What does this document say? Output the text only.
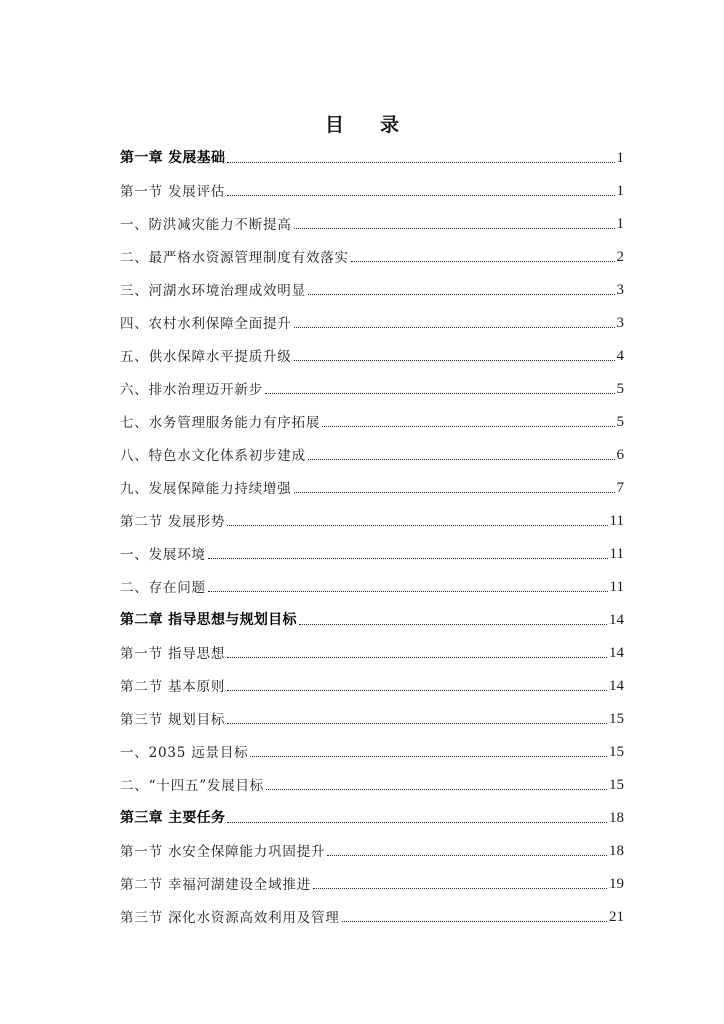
目 录
第一章 发展基础	1
第一节 发展评估	1
一、防洪减灾能力不断提高	1
二、最严格水资源管理制度有效落实	2
三、河湖水环境治理成效明显	3
四、农村水利保障全面提升	3
五、供水保障水平提质升级	4
六、排水治理迈开新步	5
七、水务管理服务能力有序拓展	5
八、特色水文化体系初步建成	6
九、发展保障能力持续增强	7
第二节 发展形势	11
一、发展环境	11
二、存在问题	11
第二章 指导思想与规划目标	14
第一节 指导思想	14
第二节 基本原则	14
第三节 规划目标	15
一、2035 远景目标	15
二、“十四五”发展目标	15
第三章 主要任务	18
第一节 水安全保障能力巩固提升	18
第二节 幸福河湖建设全域推进	19
第三节 深化水资源高效利用及管理	21
